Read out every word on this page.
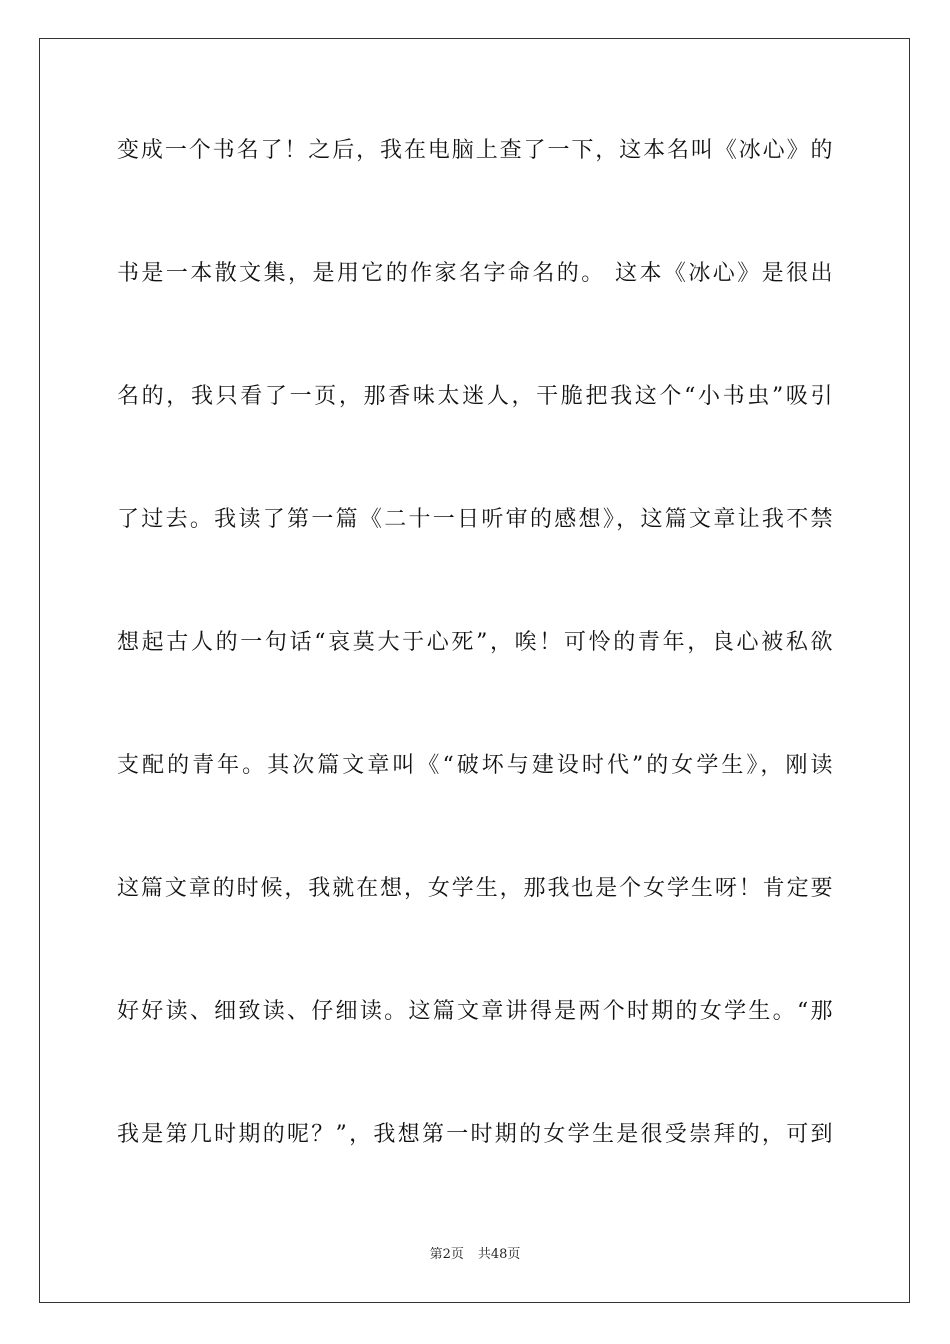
变成一个书名了！之后，我在电脑上查了一下，这本名叫《冰心》的
书是一本散文集，是用它的作家名字命名的。 这本《冰心》是很出
名的，我只看了一页，那香味太迷人，干脆把我这个“小书虫”吸引
了过去。我读了第一篇《二十一日听审的感想》，这篇文章让我不禁
想起古人的一句话“哀莫大于心死”，唉！可怜的青年，良心被私欲
支配的青年。其次篇文章叫《“破坏与建设时代”的女学生》，刚读
这篇文章的时候，我就在想，女学生，那我也是个女学生呀！肯定要
好好读、细致读、仔细读。这篇文章讲得是两个时期的女学生。“那
我是第几时期的呢？”，我想第一时期的女学生是很受崇拜的，可到
第2页 共48页
